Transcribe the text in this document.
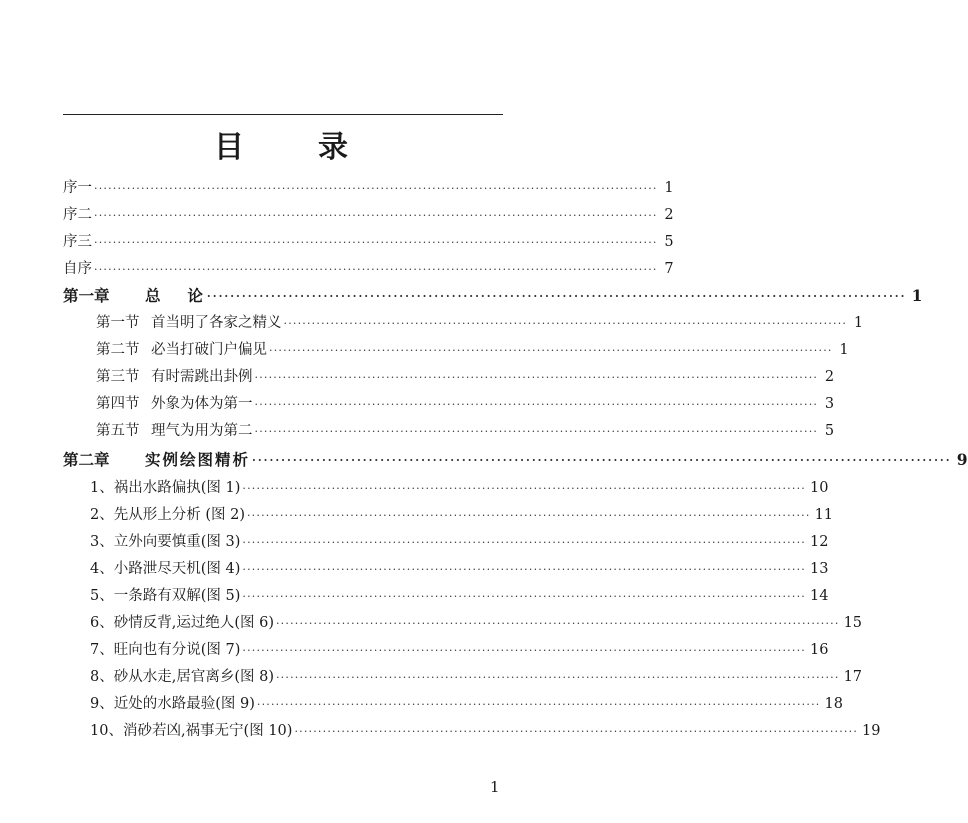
目 录
序一 ························································································································ 1
序二 ························································································································ 2
序三 ························································································································ 5
自序 ························································································································ 7
第一章 总　 论 ························································································································ 1
第一节 首当明了各家之精义 ························································································································ 1
第二节 必当打破门户偏见 ························································································································ 1
第三节 有时需跳出卦例 ························································································································ 2
第四节 外象为体为第一 ························································································································ 3
第五节 理气为用为第二 ························································································································ 5
第二章 实例绘图精析 ························································································································ 9
1、祸出水路偏执(图 1) ························································································································ 10
2、先从形上分析 (图 2) ························································································································ 11
3、立外向要慎重(图 3) ························································································································ 12
4、小路泄尽天机(图 4) ························································································································ 13
5、一条路有双解(图 5) ························································································································ 14
6、砂情反背,运过绝人(图 6) ························································································································ 15
7、旺向也有分说(图 7) ························································································································ 16
8、砂从水走,居官离乡(图 8) ························································································································ 17
9、近处的水路最验(图 9) ························································································································ 18
10、消砂若凶,祸事无宁(图 10) ························································································································ 19
1
